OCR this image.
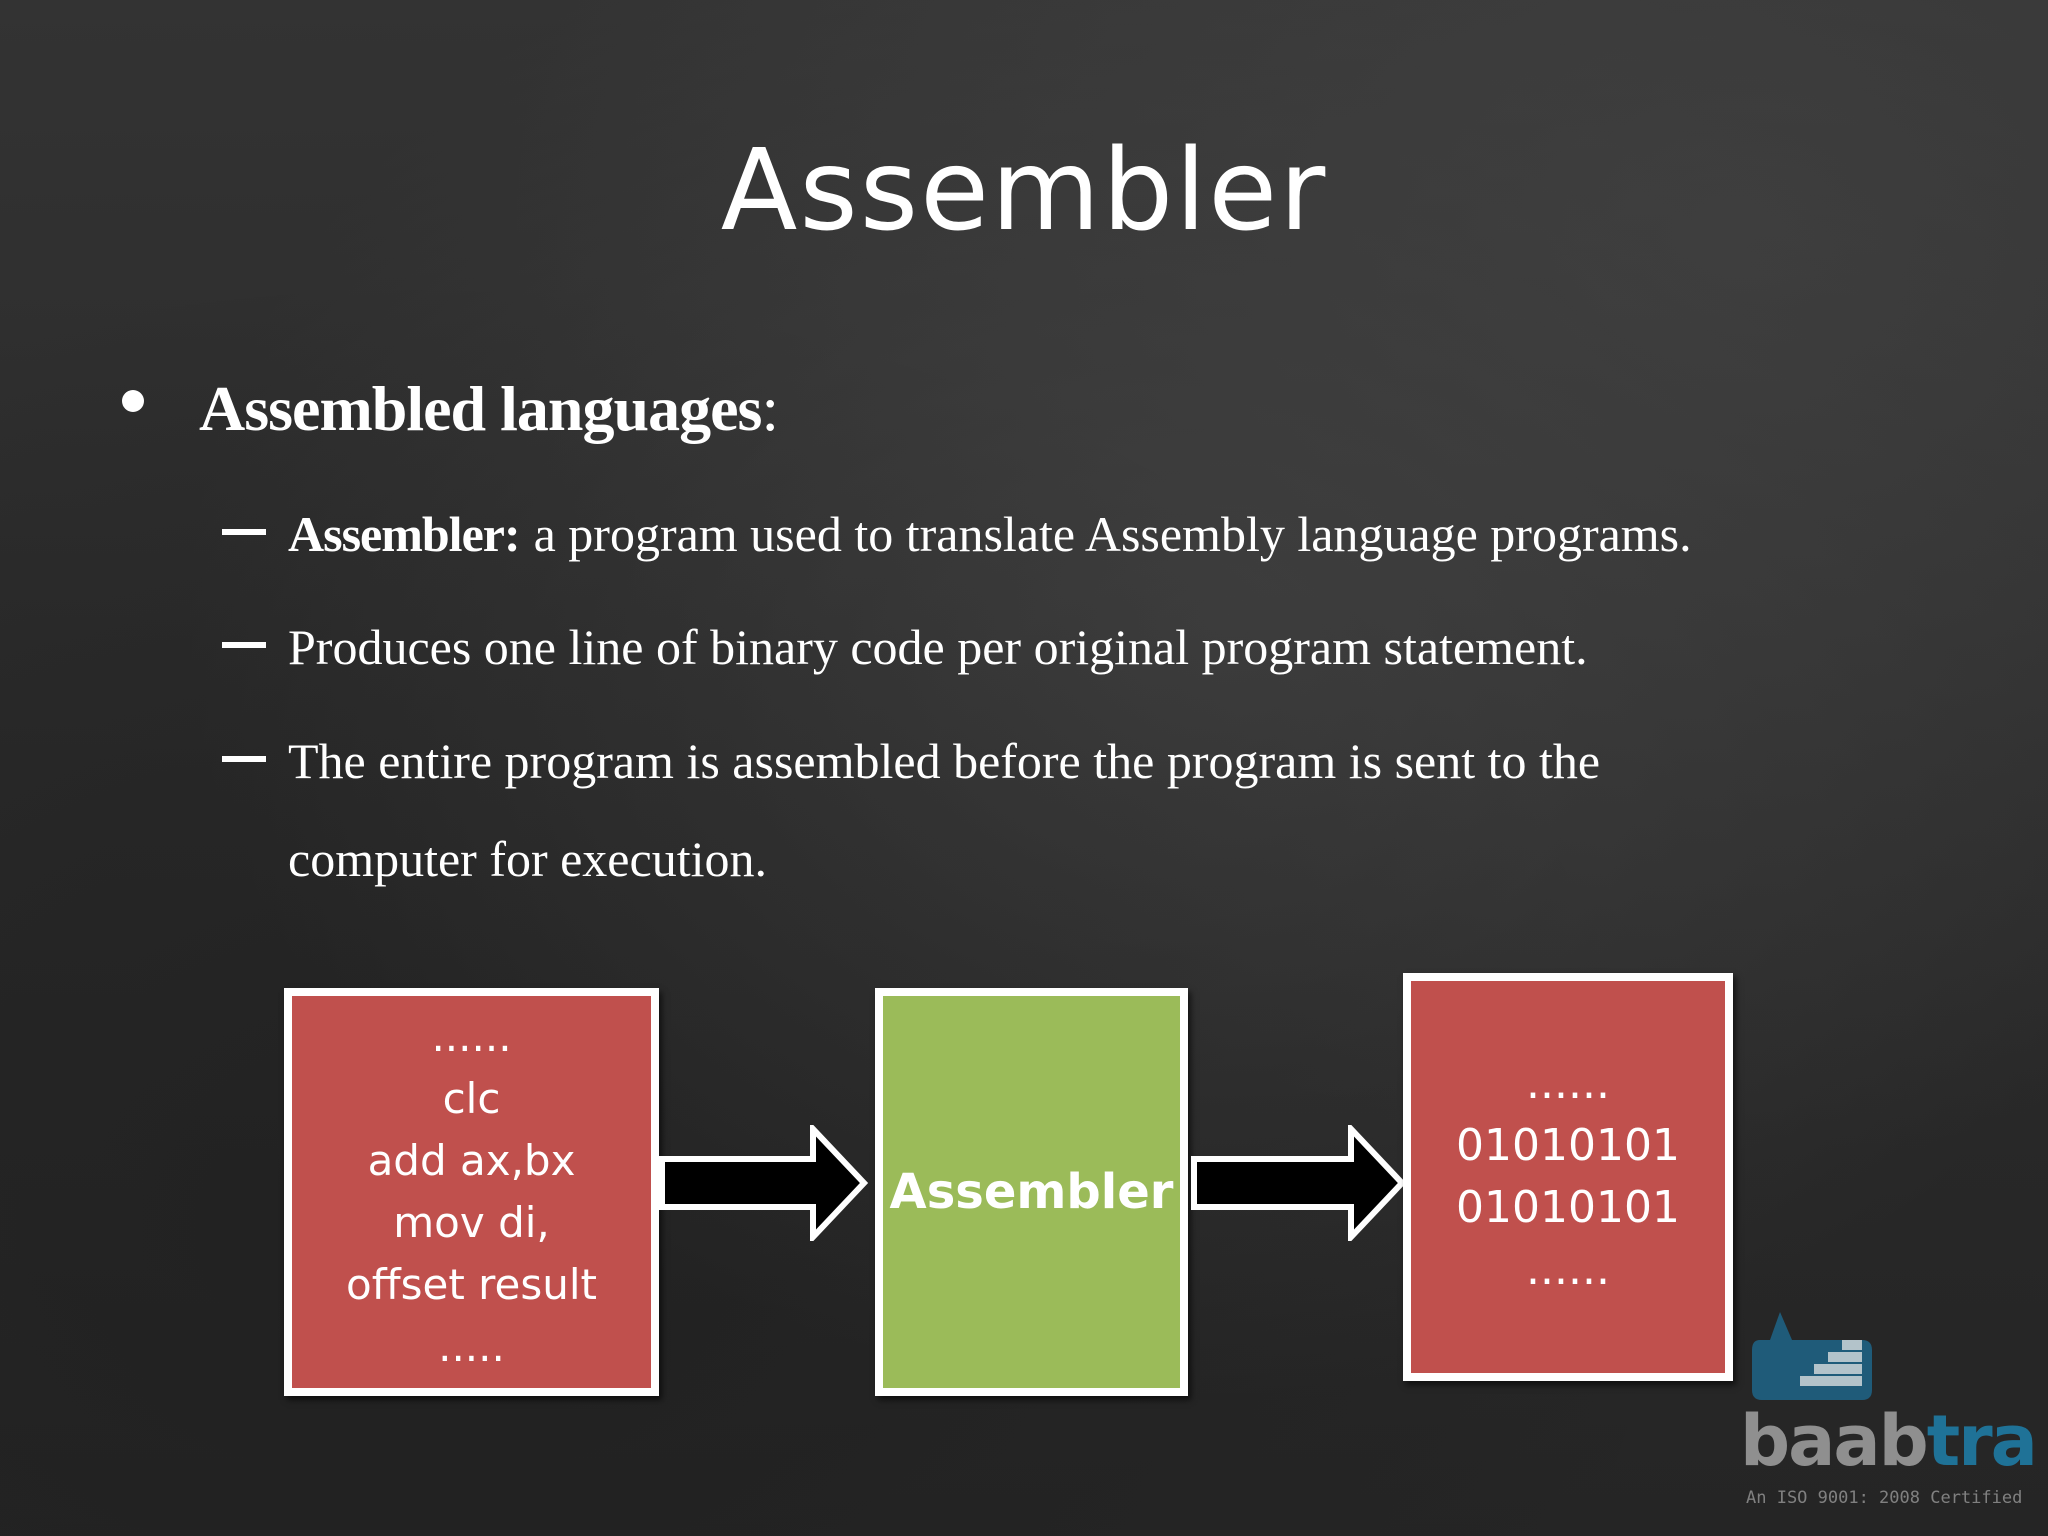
Assembler
Assembled languages :
Assembler: a program used to translate Assembly language programs.
Produces one line of binary code per original program statement.
The entire program is assembled before the program is sent to the
computer for execution.
......
clc
add ax,bx
mov di,
offset result
.....
Assembler
......
01010101
01010101
......
baabtra
An ISO 9001: 2008 Certified
